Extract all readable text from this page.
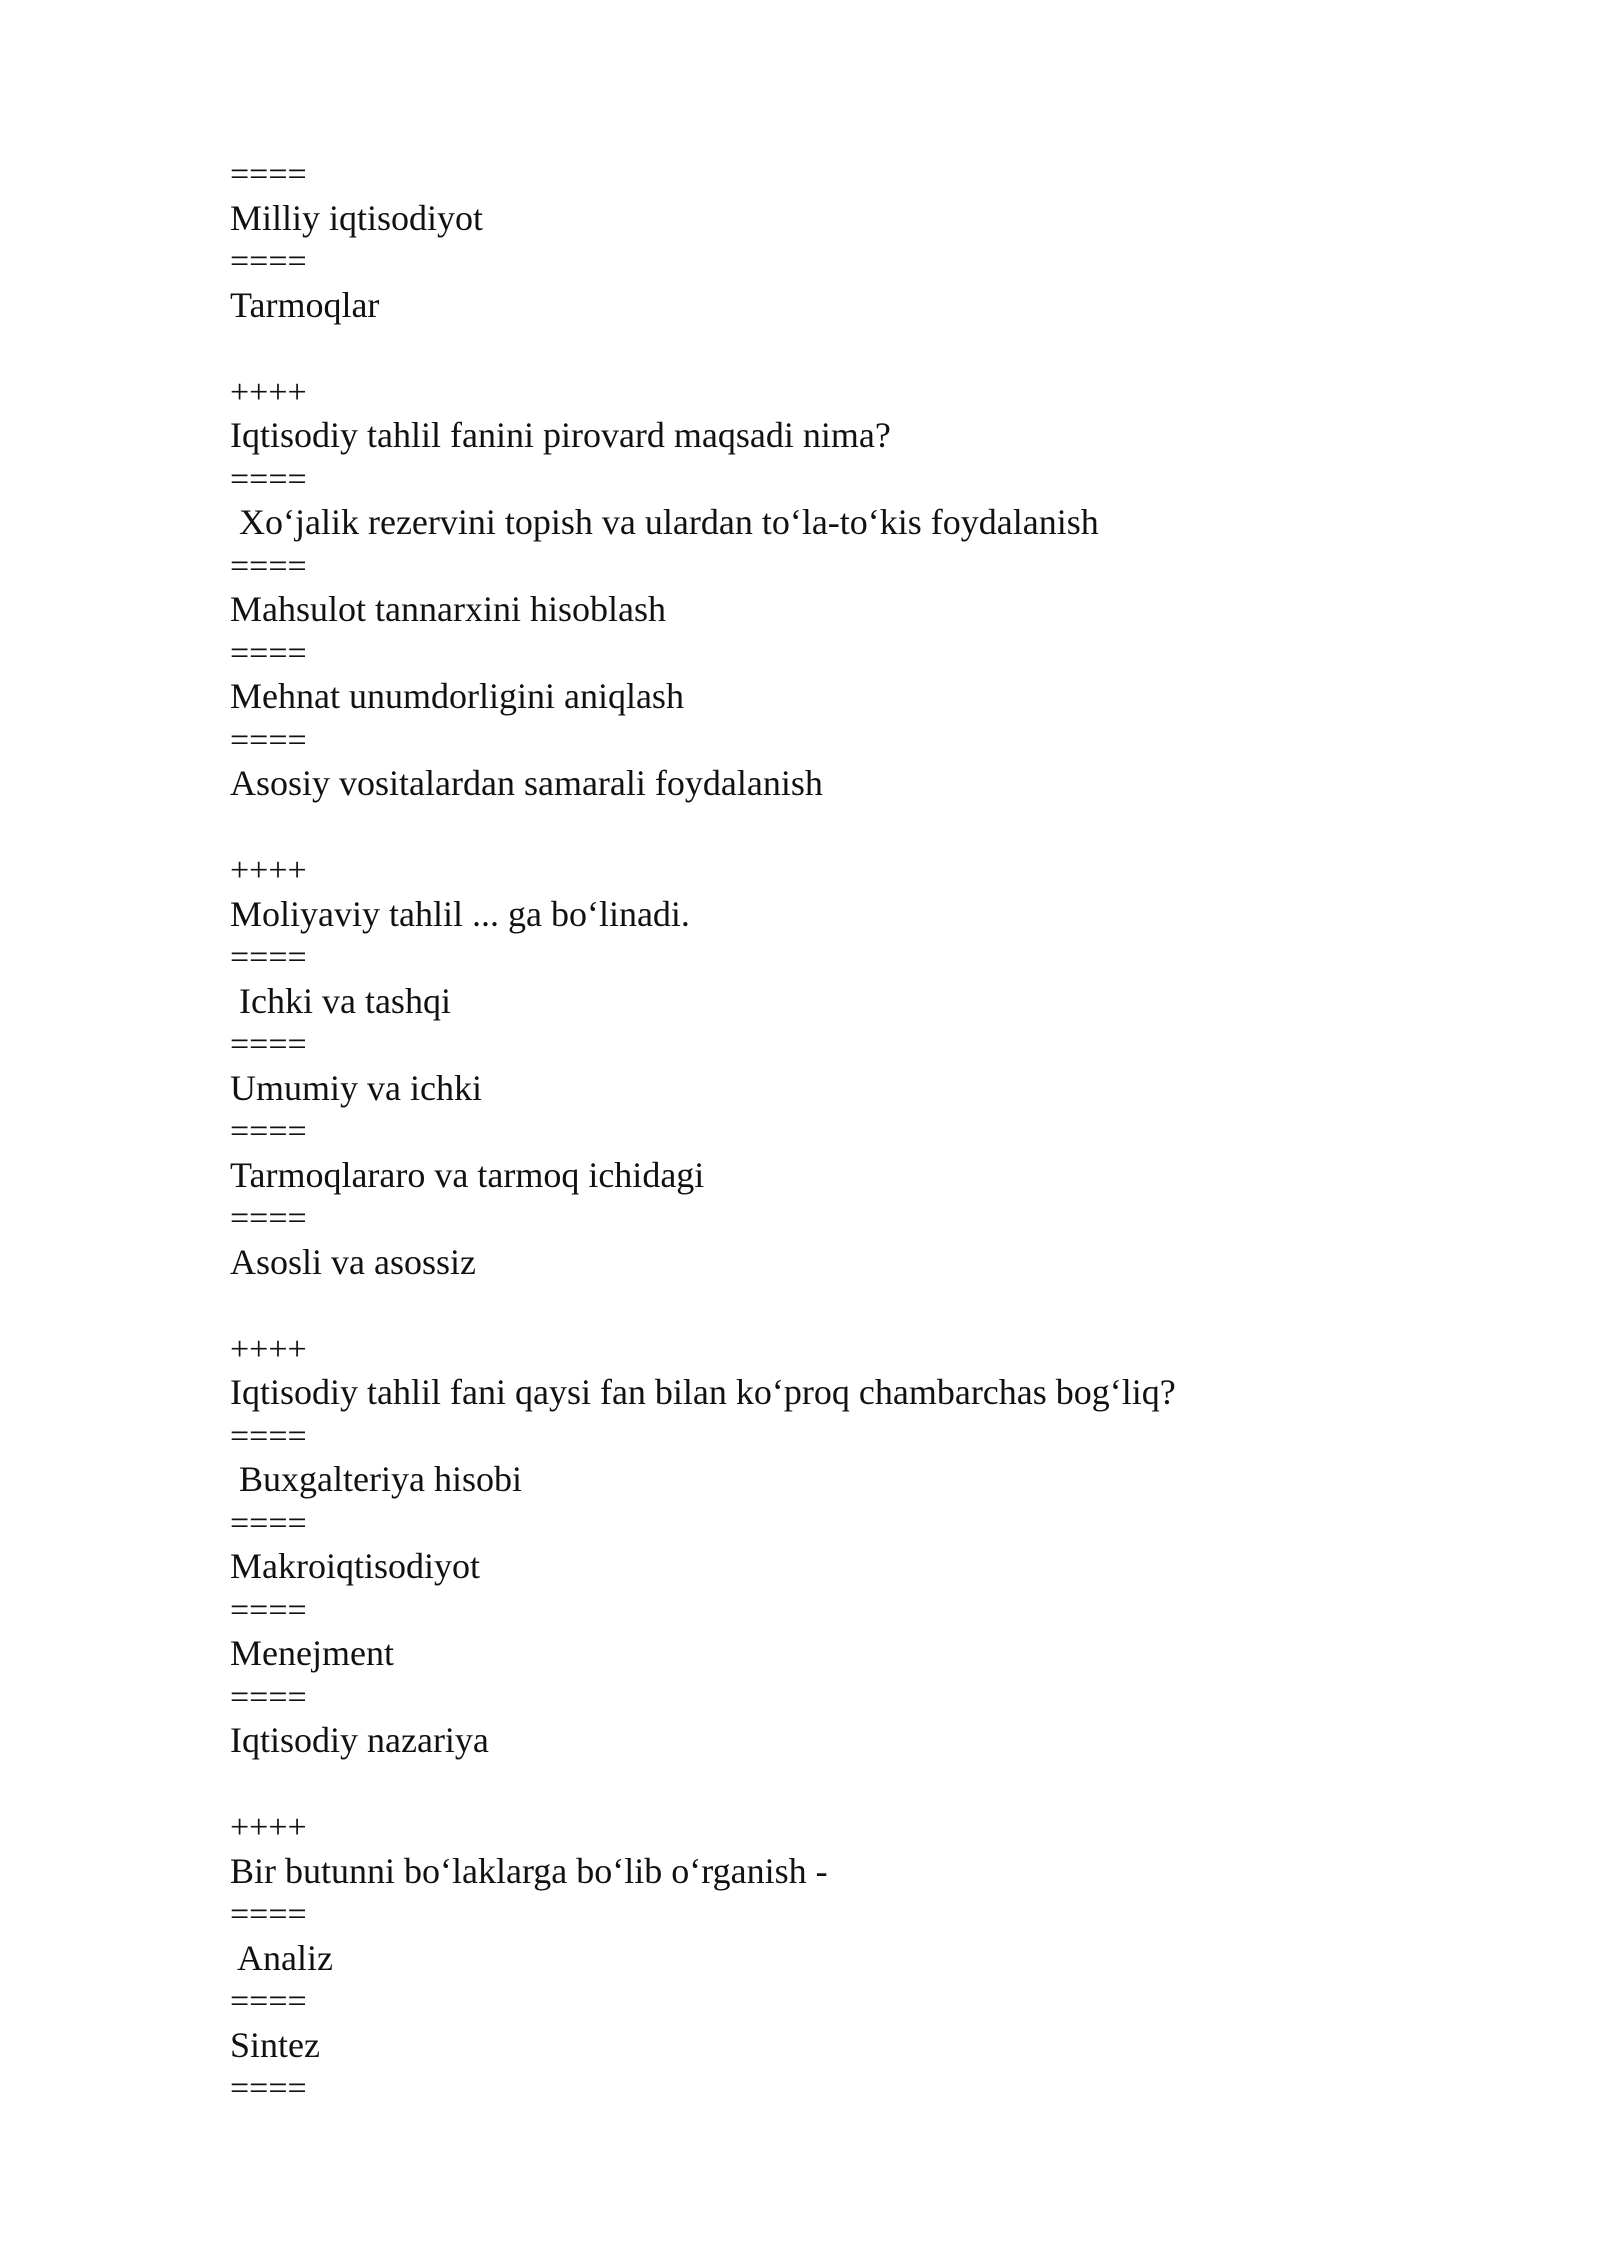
====
Milliy iqtisodiyot
====
Tarmoqlar
++++
Iqtisodiy tahlil fanini pirovard maqsadi nima?
====
Xo‘jalik rezervini topish va ulardan to‘la-to‘kis foydalanish
====
Mahsulot tannarxini hisoblash
====
Mehnat unumdorligini aniqlash
====
Asosiy vositalardan samarali foydalanish
++++
Moliyaviy tahlil ... ga bo‘linadi.
====
Ichki va tashqi
====
Umumiy va ichki
====
Tarmoqlararo va tarmoq ichidagi
====
Asosli va asossiz
++++
Iqtisodiy tahlil fani qaysi fan bilan ko‘proq chambarchas bog‘liq?
====
Buxgalteriya hisobi
====
Makroiqtisodiyot
====
Menejment
====
Iqtisodiy nazariya
++++
Bir butunni bo‘laklarga bo‘lib o‘rganish -
====
Analiz
====
Sintez
====
